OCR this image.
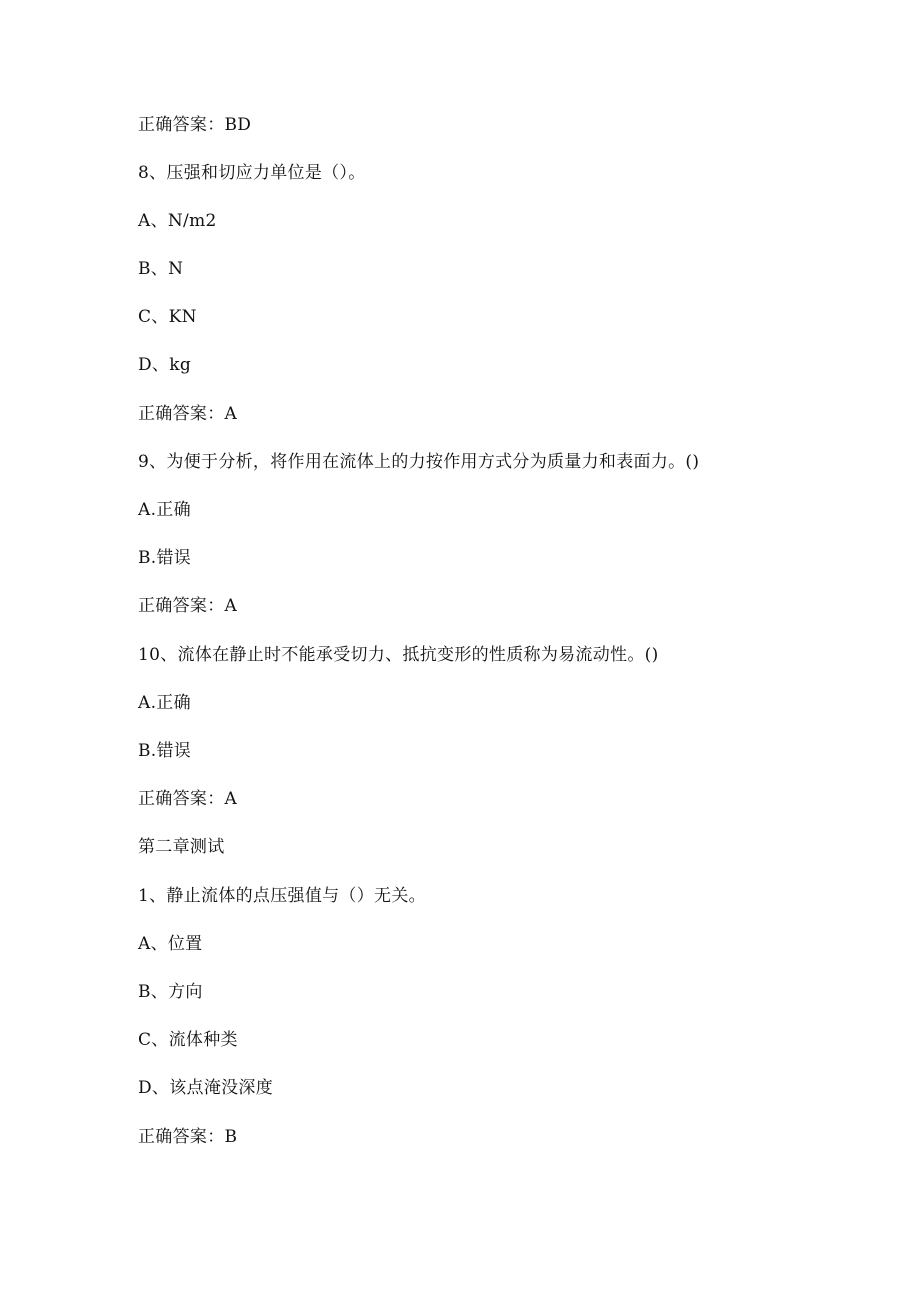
正确答案：BD
8、压强和切应力单位是（）。
A、N/m2
B、N
C、KN
D、kg
正确答案：A
9、为便于分析，将作用在流体上的力按作用方式分为质量力和表面力。()
A.正确
B.错误
正确答案：A
10、流体在静止时不能承受切力、抵抗变形的性质称为易流动性。()
A.正确
B.错误
正确答案：A
第二章测试
1、静止流体的点压强值与（）无关。
A、位置
B、方向
C、流体种类
D、该点淹没深度
正确答案：B
